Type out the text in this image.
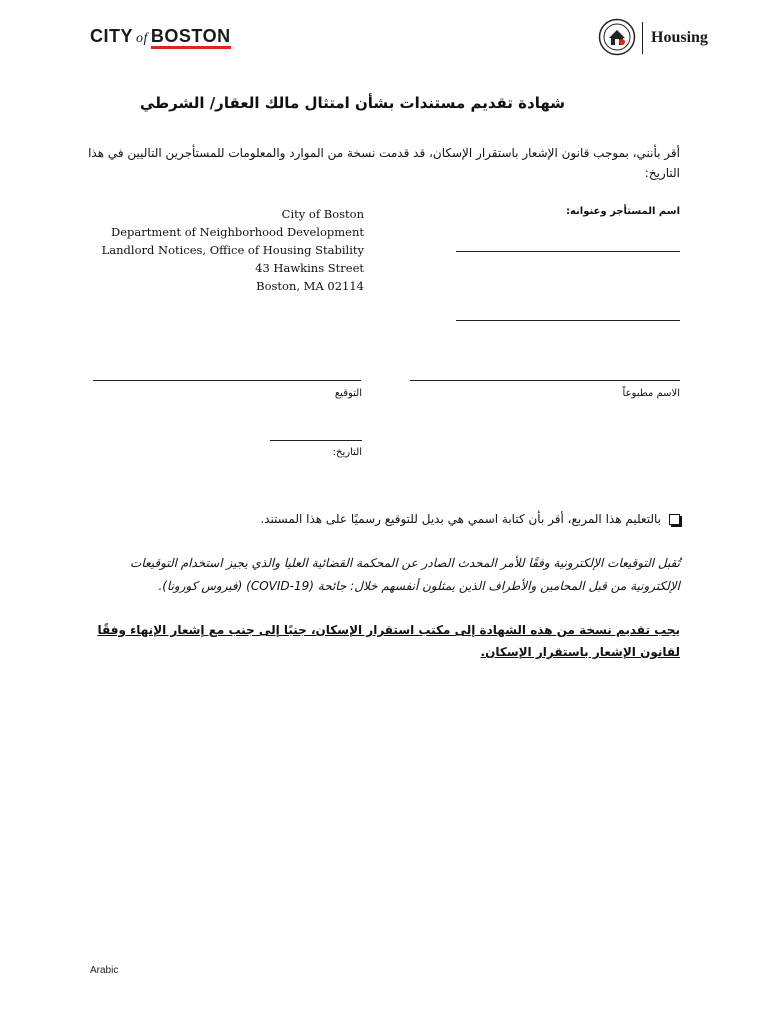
CITY of BOSTON	Housing
شهادة تقديم مستندات بشأن امتثال مالك العقار/ الشرطي
أقر بأنني، بموجب قانون الإشعار باستقرار الإسكان، قد قدمت نسخة من الموارد والمعلومات للمستأجرين التاليين في هذا التاريخ:
City of Boston
Department of Neighborhood Development
Landlord Notices, Office of Housing Stability
43 Hawkins Street
Boston, MA 02114
اسم المستأجر وعنوانه:
الاسم مطبوعاً
التوقيع
التاريخ:
بالتعليم هذا المربع، أقر بأن كتابة اسمي هي بديل للتوقيع رسميًا على هذا المستند.
تُقبل التوقيعات الإلكترونية وفقًا للأمر المحدث الصادر عن المحكمة القضائية العليا والذي يجيز استخدام التوقيعات الإلكترونية من قبل المحامين والأطراف الذين يمثلون أنفسهم خلال: جائحة (COVID-19) (فيروس كورونا).
يجب تقديم نسخة من هذه الشهادة إلى مكتب استقرار الإسكان، جنبًا إلى جنب مع إشعار الإنهاء وفقًا لقانون الإشعار باستقرار الإسكان.
Arabic
